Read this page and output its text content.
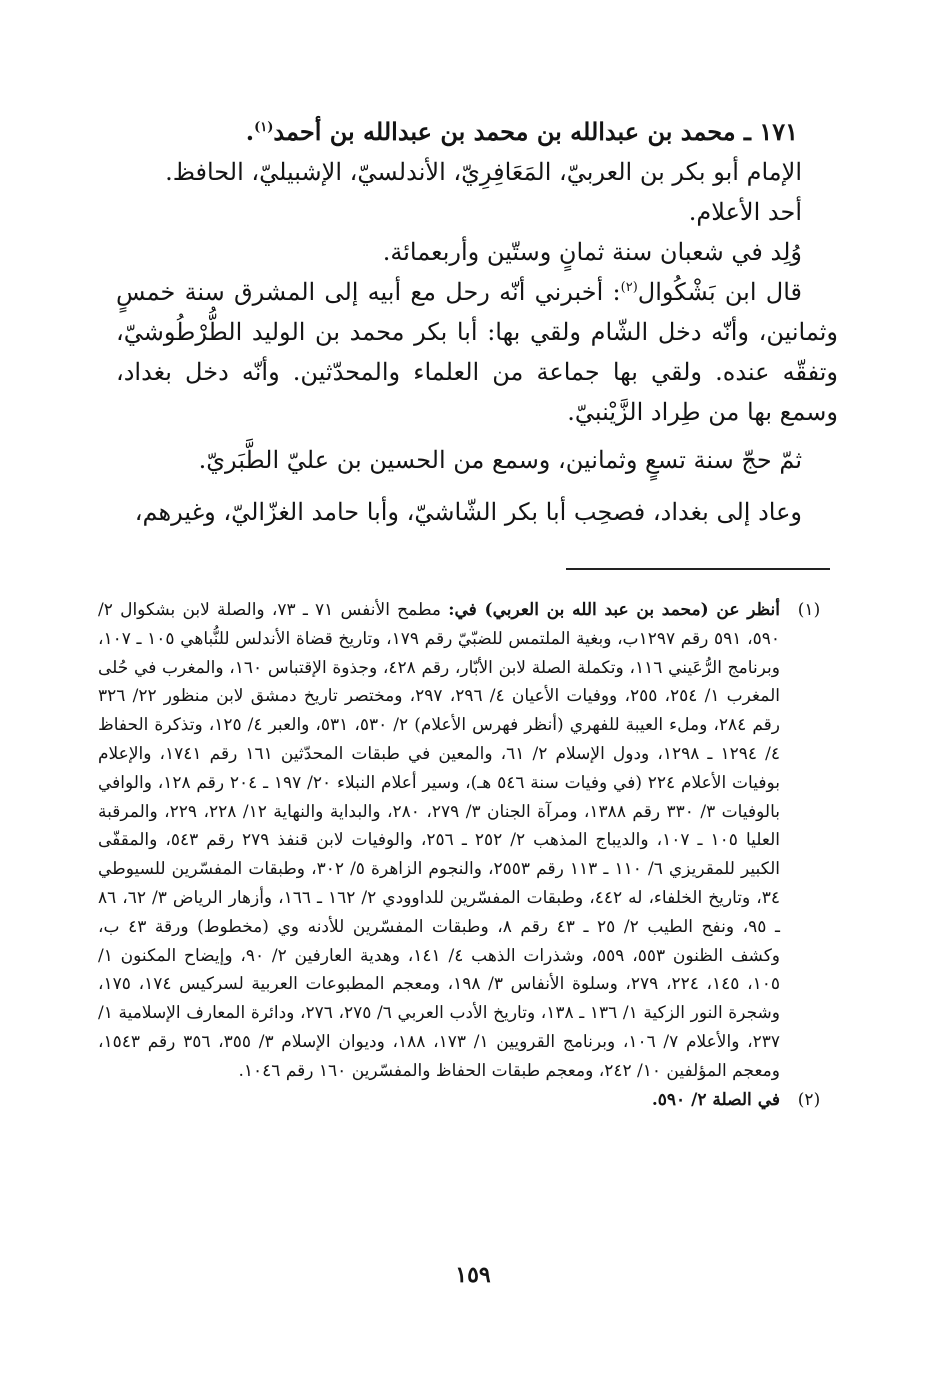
١٧١ ـ محمد بن عبدالله بن محمد بن عبدالله بن أحمد$^{(١)}$.

الإمام أبو بكر بن العربيّ، المَعَافِرِيّ، الأندلسيّ، الإشبيليّ، الحافظ.

أحد الأعلام.

وُلِد في شعبان سنة ثمانٍ وستّين وأربعمائة.

قال ابن بَشْكُوال$^{(٢)}$: أخبرني أنّه رحل مع أبيه إلى المشرق سنة خمسٍ وثمانين، وأنّه دخل الشّام ولقي بها: أبا بكر محمد بن الوليد الطُّرْطُوشيّ، وتفقّه عنده. ولقي بها جماعة من العلماء والمحدّثين. وأنّه دخل بغداد، وسمع بها من طِراد الزَّيْنبيّ.

ثمّ حجّ سنة تسعٍ وثمانين، وسمع من الحسين بن عليّ الطَّبَريّ.

وعاد إلى بغداد، فصحِب أبا بكر الشّاشيّ، وأبا حامد الغزّاليّ، وغيرهم،

(١)
أنظر عن (محمد بن عبد الله بن العربي) في: مطمح الأنفس ٧١ ـ ٧٣، والصلة لابن بشكوال ٢/ ٥٩٠، ٥٩١ رقم ١٢٩٧ب، وبغية الملتمس للضبّيّ رقم ١٧٩، وتاريخ قضاة الأندلس للنُّباهي ١٠٥ ـ ١٠٧، وبرنامج الرُّعَيني ١١٦، وتكملة الصلة لابن الأبّار، رقم ٤٢٨، وجذوة الإقتباس ١٦٠، والمغرب في حُلى المغرب ١/ ٢٥٤، ٢٥٥، ووفيات الأعيان ٤/ ٢٩٦، ٢٩٧، ومختصر تاريخ دمشق لابن منظور ٢٢/ ٣٢٦ رقم ٢٨٤، وملء العيبة للفهري (أنظر فهرس الأعلام) ٢/ ٥٣٠، ٥٣١، والعبر ٤/ ١٢٥، وتذكرة الحفاظ ٤/ ١٢٩٤ ـ ١٢٩٨، ودول الإسلام ٢/ ٦١، والمعين في طبقات المحدّثين ١٦١ رقم ١٧٤١، والإعلام بوفيات الأعلام ٢٢٤ (في وفيات سنة ٥٤٦ هـ)، وسير أعلام النبلاء ٢٠/ ١٩٧ ـ ٢٠٤ رقم ١٢٨، والوافي بالوفيات ٣/ ٣٣٠ رقم ١٣٨٨، ومرآة الجنان ٣/ ٢٧٩، ٢٨٠، والبداية والنهاية ١٢/ ٢٢٨، ٢٢٩، والمرقبة العليا ١٠٥ ـ ١٠٧، والديباج المذهب ٢/ ٢٥٢ ـ ٢٥٦، والوفيات لابن قنفذ ٢٧٩ رقم ٥٤٣، والمقفّى الكبير للمقريزي ٦/ ١١٠ ـ ١١٣ رقم ٢٥٥٣، والنجوم الزاهرة ٥/ ٣٠٢، وطبقات المفسّرين للسيوطي ٣٤، وتاريخ الخلفاء، له ٤٤٢، وطبقات المفسّرين للداوودي ٢/ ١٦٢ ـ ١٦٦، وأزهار الرياض ٣/ ٦٢، ٨٦ ـ ٩٥، ونفح الطيب ٢/ ٢٥ ـ ٤٣ رقم ٨، وطبقات المفسّرين للأدنه وي (مخطوط) ورقة ٤٣ ب، وكشف الظنون ٥٥٣، ٥٥٩، وشذرات الذهب ٤/ ١٤١، وهدية العارفين ٢/ ٩٠، وإيضاح المكنون ١/ ١٠٥، ١٤٥، ٢٢٤، ٢٧٩، وسلوة الأنفاس ٣/ ١٩٨، ومعجم المطبوعات العربية لسركيس ١٧٤، ١٧٥، وشجرة النور الزكية ١/ ١٣٦ ـ ١٣٨، وتاريخ الأدب العربي ٦/ ٢٧٥، ٢٧٦، ودائرة المعارف الإسلامية ١/ ٢٣٧، والأعلام ٧/ ١٠٦، وبرنامج القرويين ١/ ١٧٣، ١٨٨، وديوان الإسلام ٣/ ٣٥٥، ٣٥٦ رقم ١٥٤٣، ومعجم المؤلفين ١٠/ ٢٤٢، ومعجم طبقات الحفاظ والمفسّرين ١٦٠ رقم ١٠٤٦.
(٢)
في الصلة ٢/ ٥٩٠.
١٥٩
